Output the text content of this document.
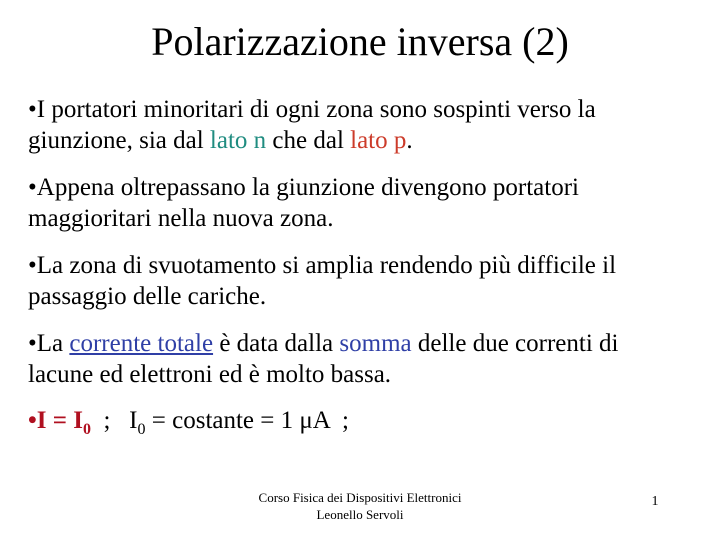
Polarizzazione inversa (2)
•I portatori minoritari di ogni zona sono sospinti verso la giunzione, sia dal lato n che dal lato p.
•Appena oltrepassano la giunzione divengono portatori maggioritari nella nuova zona.
•La zona di svuotamento si amplia rendendo più difficile il passaggio delle cariche.
•La corrente totale è data dalla somma delle due correnti di lacune ed elettroni ed è molto bassa.
•I = $I_0$  ;   $I_0$ = costante = 1 μA  ;
Corso Fisica dei Dispositivi Elettronici
Leonello Servoli
1
